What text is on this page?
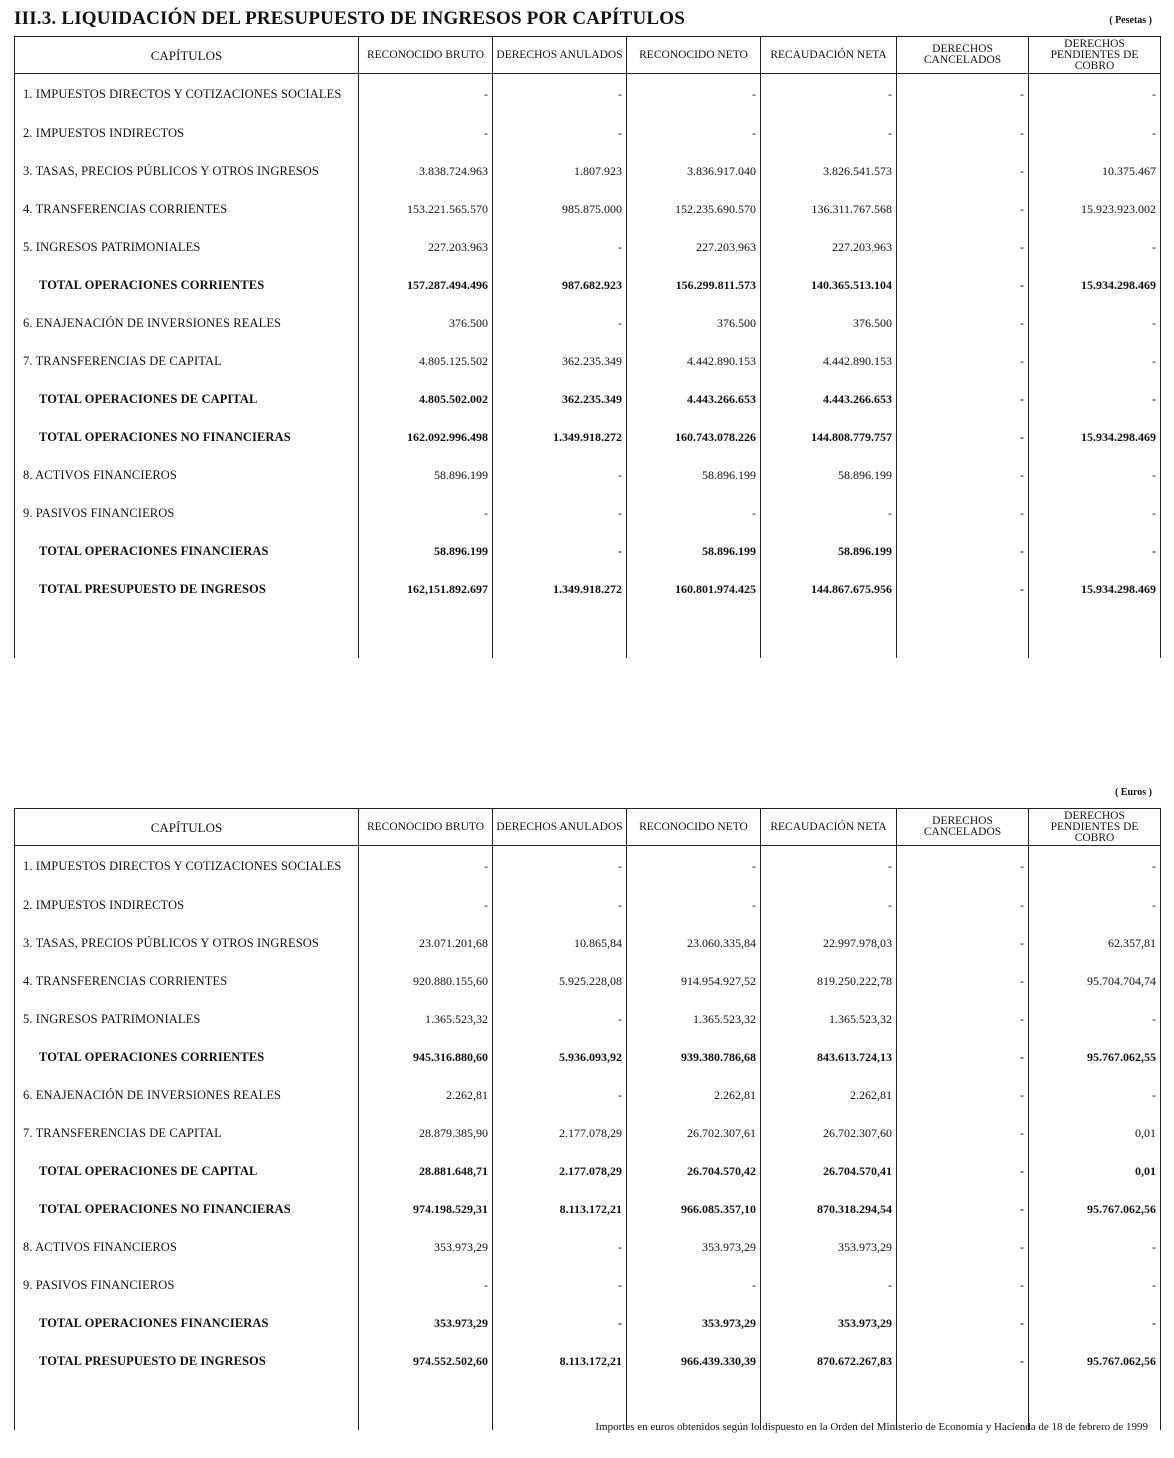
III.3. LIQUIDACIÓN DEL PRESUPUESTO DE INGRESOS POR CAPÍTULOS	( Pesetas )
CAPÍTULOS	RECONOCIDO BRUTO	DERECHOS ANULADOS	RECONOCIDO NETO	RECAUDACIÓN NETA	DERECHOS CANCELADOS	DERECHOS PENDIENTES DE COBRO
1. IMPUESTOS DIRECTOS Y COTIZACIONES SOCIALES	-	-	-	-	-	-
2. IMPUESTOS INDIRECTOS	-	-	-	-	-	-
3. TASAS, PRECIOS PÚBLICOS Y OTROS INGRESOS	3.838.724.963	1.807.923	3.836.917.040	3.826.541.573	-	10.375.467
4. TRANSFERENCIAS CORRIENTES	153.221.565.570	985.875.000	152.235.690.570	136.311.767.568	-	15.923.923.002
5. INGRESOS PATRIMONIALES	227.203.963	-	227.203.963	227.203.963	-	-
TOTAL OPERACIONES CORRIENTES	157.287.494.496	987.682.923	156.299.811.573	140.365.513.104	-	15.934.298.469
6. ENAJENACIÓN DE INVERSIONES REALES	376.500	-	376.500	376.500	-	-
7. TRANSFERENCIAS DE CAPITAL	4.805.125.502	362.235.349	4.442.890.153	4.442.890.153	-	-
TOTAL OPERACIONES DE CAPITAL	4.805.502.002	362.235.349	4.443.266.653	4.443.266.653	-	-
TOTAL OPERACIONES NO FINANCIERAS	162.092.996.498	1.349.918.272	160.743.078.226	144.808.779.757	-	15.934.298.469
8. ACTIVOS FINANCIEROS	58.896.199	-	58.896.199	58.896.199	-	-
9. PASIVOS FINANCIEROS	-	-	-	-	-	-
TOTAL OPERACIONES FINANCIERAS	58.896.199	-	58.896.199	58.896.199	-	-
TOTAL PRESUPUESTO DE INGRESOS	162,151.892.697	1.349.918.272	160.801.974.425	144.867.675.956	-	15.934.298.469

( Euros )
CAPÍTULOS	RECONOCIDO BRUTO	DERECHOS ANULADOS	RECONOCIDO NETO	RECAUDACIÓN NETA	DERECHOS CANCELADOS	DERECHOS PENDIENTES DE COBRO
1. IMPUESTOS DIRECTOS Y COTIZACIONES SOCIALES	-	-	-	-	-	-
2. IMPUESTOS INDIRECTOS	-	-	-	-	-	-
3. TASAS, PRECIOS PÚBLICOS Y OTROS INGRESOS	23.071.201,68	10.865,84	23.060.335,84	22.997.978,03	-	62.357,81
4. TRANSFERENCIAS CORRIENTES	920.880.155,60	5.925.228,08	914.954.927,52	819.250.222,78	-	95.704.704,74
5. INGRESOS PATRIMONIALES	1.365.523,32	-	1.365.523,32	1.365.523,32	-	-
TOTAL OPERACIONES CORRIENTES	945.316.880,60	5.936.093,92	939.380.786,68	843.613.724,13	-	95.767.062,55
6. ENAJENACIÓN DE INVERSIONES REALES	2.262,81	-	2.262,81	2.262,81	-	-
7. TRANSFERENCIAS DE CAPITAL	28.879.385,90	2.177.078,29	26.702.307,61	26.702.307,60	-	0,01
TOTAL OPERACIONES DE CAPITAL	28.881.648,71	2.177.078,29	26.704.570,42	26.704.570,41	-	0,01
TOTAL OPERACIONES NO FINANCIERAS	974.198.529,31	8.113.172,21	966.085.357,10	870.318.294,54	-	95.767.062,56
8. ACTIVOS FINANCIEROS	353.973,29	-	353.973,29	353.973,29	-	-
9. PASIVOS FINANCIEROS	-	-	-	-	-	-
TOTAL OPERACIONES FINANCIERAS	353.973,29	-	353.973,29	353.973,29	-	-
TOTAL PRESUPUESTO DE INGRESOS	974.552.502,60	8.113.172,21	966.439.330,39	870.672.267,83	-	95.767.062,56

Importes en euros obtenidos según lo dispuesto en la Orden del Ministerio de Economía y Hacienda de 18 de febrero de 1999
